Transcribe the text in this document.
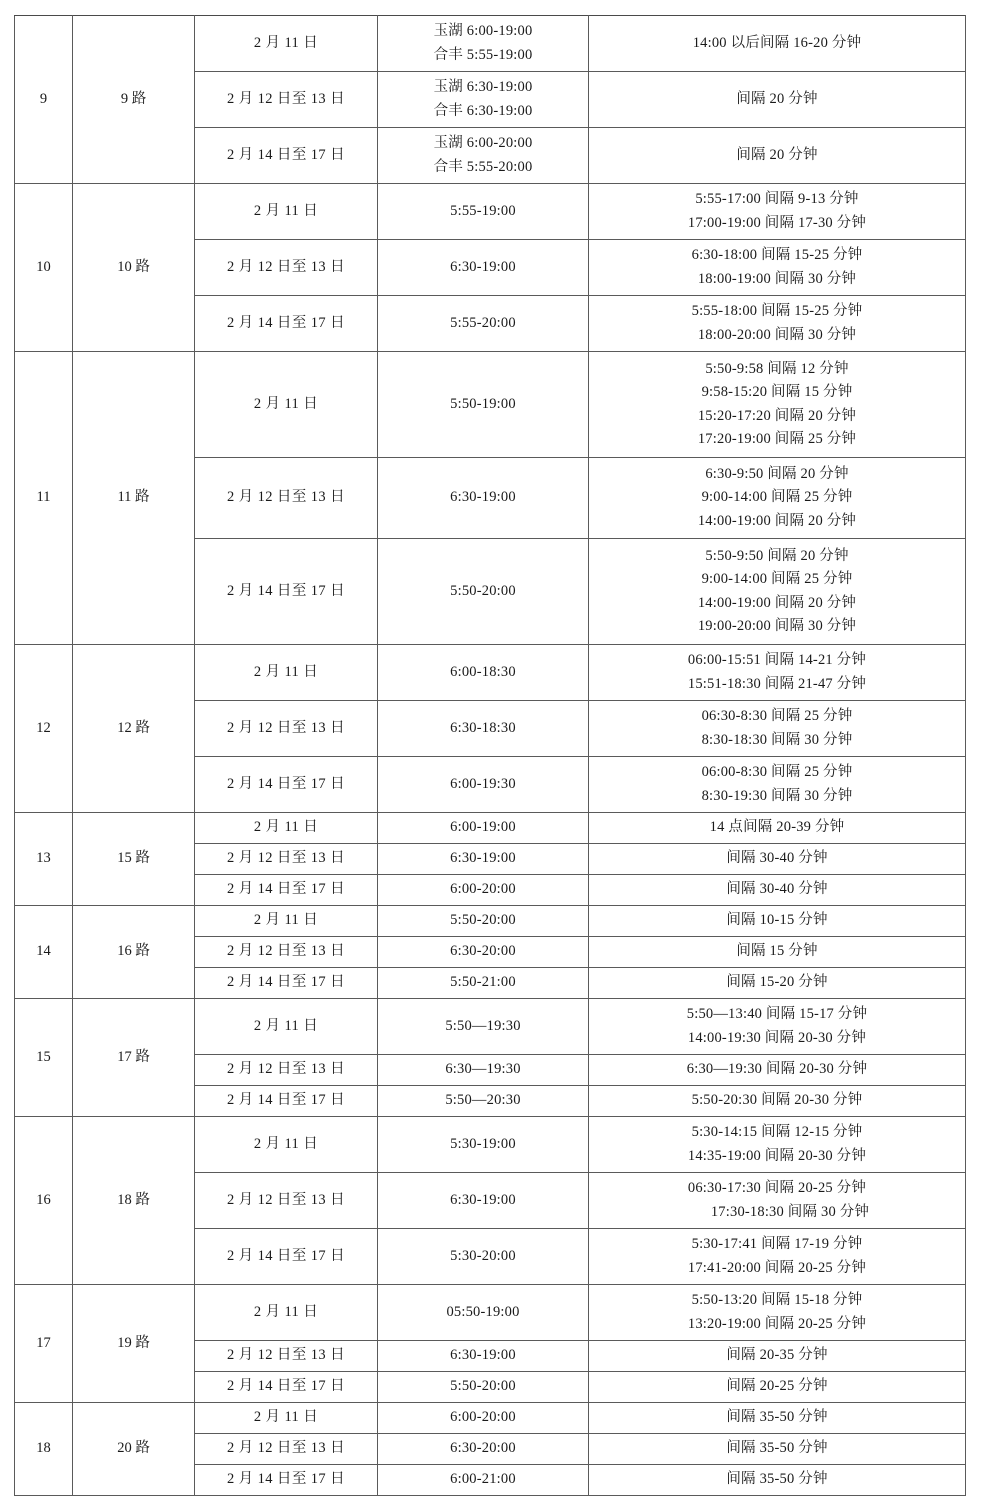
9	9 路	2 月 11 日	玉湖 6:00-19:00
合丰 5:55-19:00	14:00 以后间隔 16-20 分钟

		2 月 12 日至 13 日	玉湖 6:30-19:00
合丰 6:30-19:00	间隔 20 分钟

		2 月 14 日至 17 日	玉湖 6:00-20:00
合丰 5:55-20:00	间隔 20 分钟

10	10 路	2 月 11 日	5:55-19:00	5:55-17:00 间隔 9-13 分钟
17:00-19:00 间隔 17-30 分钟

		2 月 12 日至 13 日	6:30-19:00	6:30-18:00 间隔 15-25 分钟
18:00-19:00 间隔 30 分钟

		2 月 14 日至 17 日	5:55-20:00	5:55-18:00 间隔 15-25 分钟
18:00-20:00 间隔 30 分钟

11	11 路	2 月 11 日	5:50-19:00	5:50-9:58 间隔 12 分钟
9:58-15:20 间隔 15 分钟
15:20-17:20 间隔 20 分钟
17:20-19:00 间隔 25 分钟

		2 月 12 日至 13 日	6:30-19:00	6:30-9:50 间隔 20 分钟
9:00-14:00 间隔 25 分钟
14:00-19:00 间隔 20 分钟

		2 月 14 日至 17 日	5:50-20:00	5:50-9:50 间隔 20 分钟
9:00-14:00 间隔 25 分钟
14:00-19:00 间隔 20 分钟
19:00-20:00 间隔 30 分钟

12	12 路	2 月 11 日	6:00-18:30	06:00-15:51 间隔 14-21 分钟
15:51-18:30 间隔 21-47 分钟

		2 月 12 日至 13 日	6:30-18:30	06:30-8:30 间隔 25 分钟
8:30-18:30 间隔 30 分钟

		2 月 14 日至 17 日	6:00-19:30	06:00-8:30 间隔 25 分钟
8:30-19:30 间隔 30 分钟

13	15 路	2 月 11 日	6:00-19:00	14 点间隔 20-39 分钟

		2 月 12 日至 13 日	6:30-19:00	间隔 30-40 分钟

		2 月 14 日至 17 日	6:00-20:00	间隔 30-40 分钟

14	16 路	2 月 11 日	5:50-20:00	间隔 10-15 分钟

		2 月 12 日至 13 日	6:30-20:00	间隔 15 分钟

		2 月 14 日至 17 日	5:50-21:00	间隔 15-20 分钟

15	17 路	2 月 11 日	5:50—19:30	5:50—13:40 间隔 15-17 分钟
14:00-19:30 间隔 20-30 分钟

		2 月 12 日至 13 日	6:30—19:30	6:30—19:30 间隔 20-30 分钟

		2 月 14 日至 17 日	5:50—20:30	5:50-20:30 间隔 20-30 分钟

16	18 路	2 月 11 日	5:30-19:00	5:30-14:15 间隔 12-15 分钟
14:35-19:00 间隔 20-30 分钟

		2 月 12 日至 13 日	6:30-19:00	06:30-17:30 间隔 20-25 分钟
17:30-18:30 间隔 30 分钟

		2 月 14 日至 17 日	5:30-20:00	5:30-17:41 间隔 17-19 分钟
17:41-20:00 间隔 20-25 分钟

17	19 路	2 月 11 日	05:50-19:00	5:50-13:20 间隔 15-18 分钟
13:20-19:00 间隔 20-25 分钟

		2 月 12 日至 13 日	6:30-19:00	间隔 20-35 分钟

		2 月 14 日至 17 日	5:50-20:00	间隔 20-25 分钟

18	20 路	2 月 11 日	6:00-20:00	间隔 35-50 分钟

		2 月 12 日至 13 日	6:30-20:00	间隔 35-50 分钟

		2 月 14 日至 17 日	6:00-21:00	间隔 35-50 分钟
